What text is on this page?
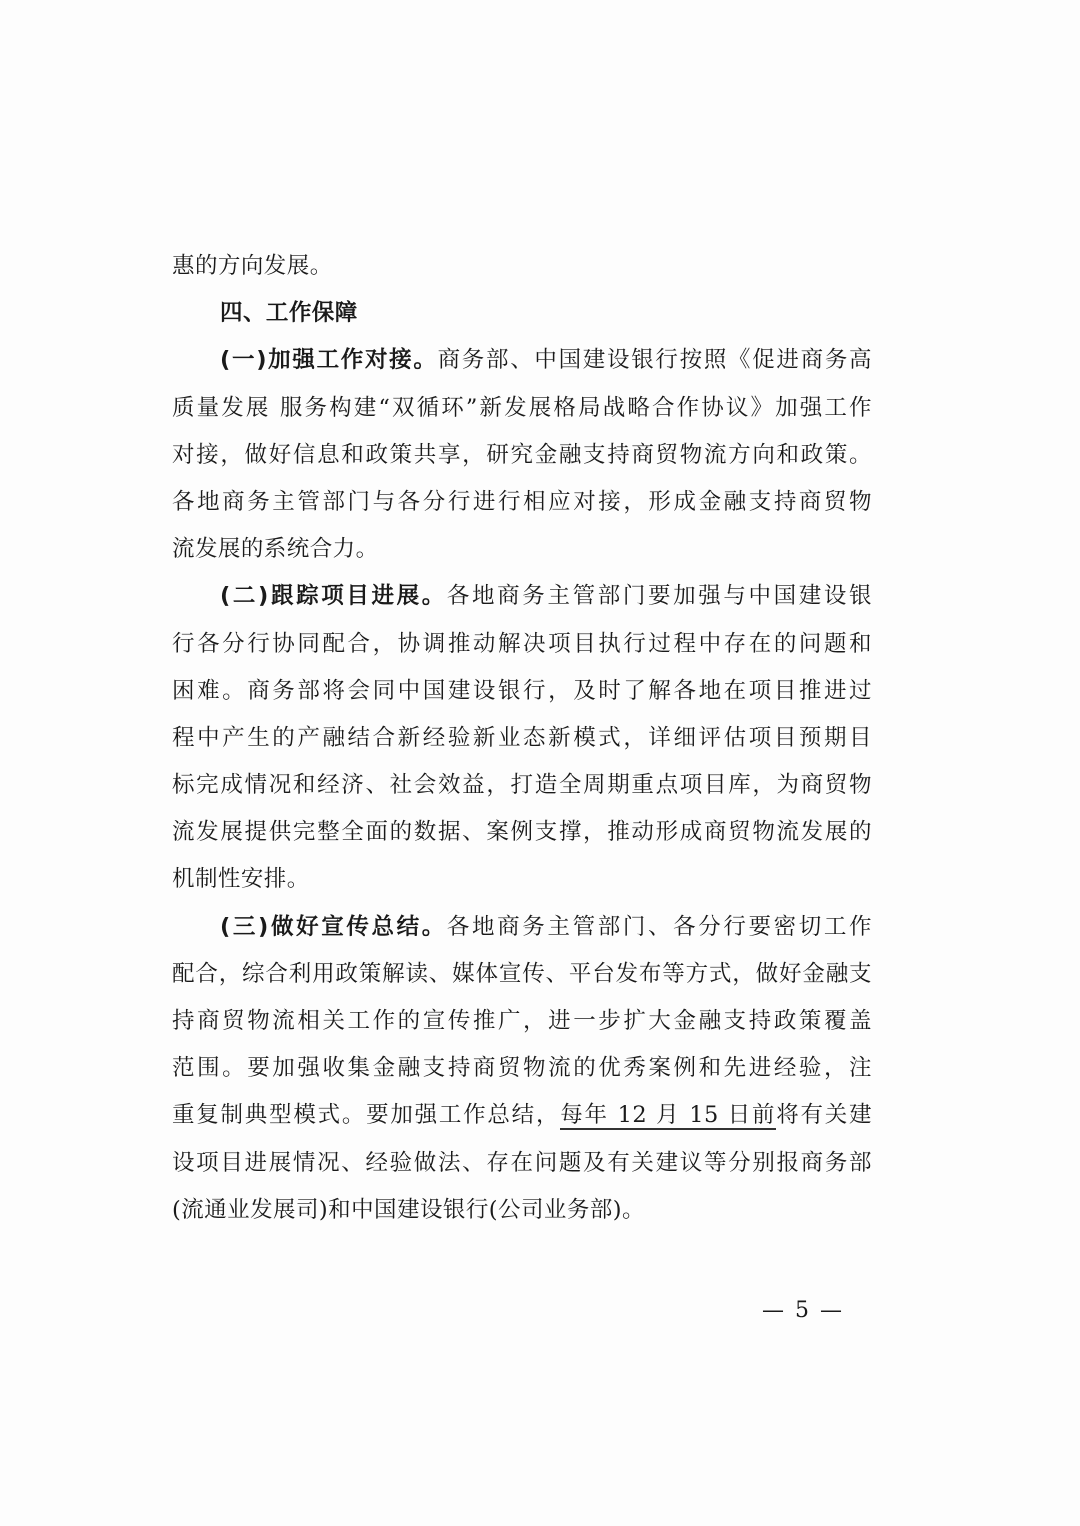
惠的方向发展。
四、工作保障
(一)加强工作对接。商务部、中国建设银行按照《促进商务高
质量发展 服务构建“双循环”新发展格局战略合作协议》加强工作
对接，做好信息和政策共享，研究金融支持商贸物流方向和政策。
各地商务主管部门与各分行进行相应对接，形成金融支持商贸物
流发展的系统合力。
(二)跟踪项目进展。各地商务主管部门要加强与中国建设银
行各分行协同配合，协调推动解决项目执行过程中存在的问题和
困难。商务部将会同中国建设银行，及时了解各地在项目推进过
程中产生的产融结合新经验新业态新模式，详细评估项目预期目
标完成情况和经济、社会效益，打造全周期重点项目库，为商贸物
流发展提供完整全面的数据、案例支撑，推动形成商贸物流发展的
机制性安排。
(三)做好宣传总结。各地商务主管部门、各分行要密切工作
配合，综合利用政策解读、媒体宣传、平台发布等方式，做好金融支
持商贸物流相关工作的宣传推广，进一步扩大金融支持政策覆盖
范围。要加强收集金融支持商贸物流的优秀案例和先进经验，注
重复制典型模式。要加强工作总结，每年 12 月 15 日前将有关建
设项目进展情况、经验做法、存在问题及有关建议等分别报商务部
(流通业发展司)和中国建设银行(公司业务部)。
— 5 —
